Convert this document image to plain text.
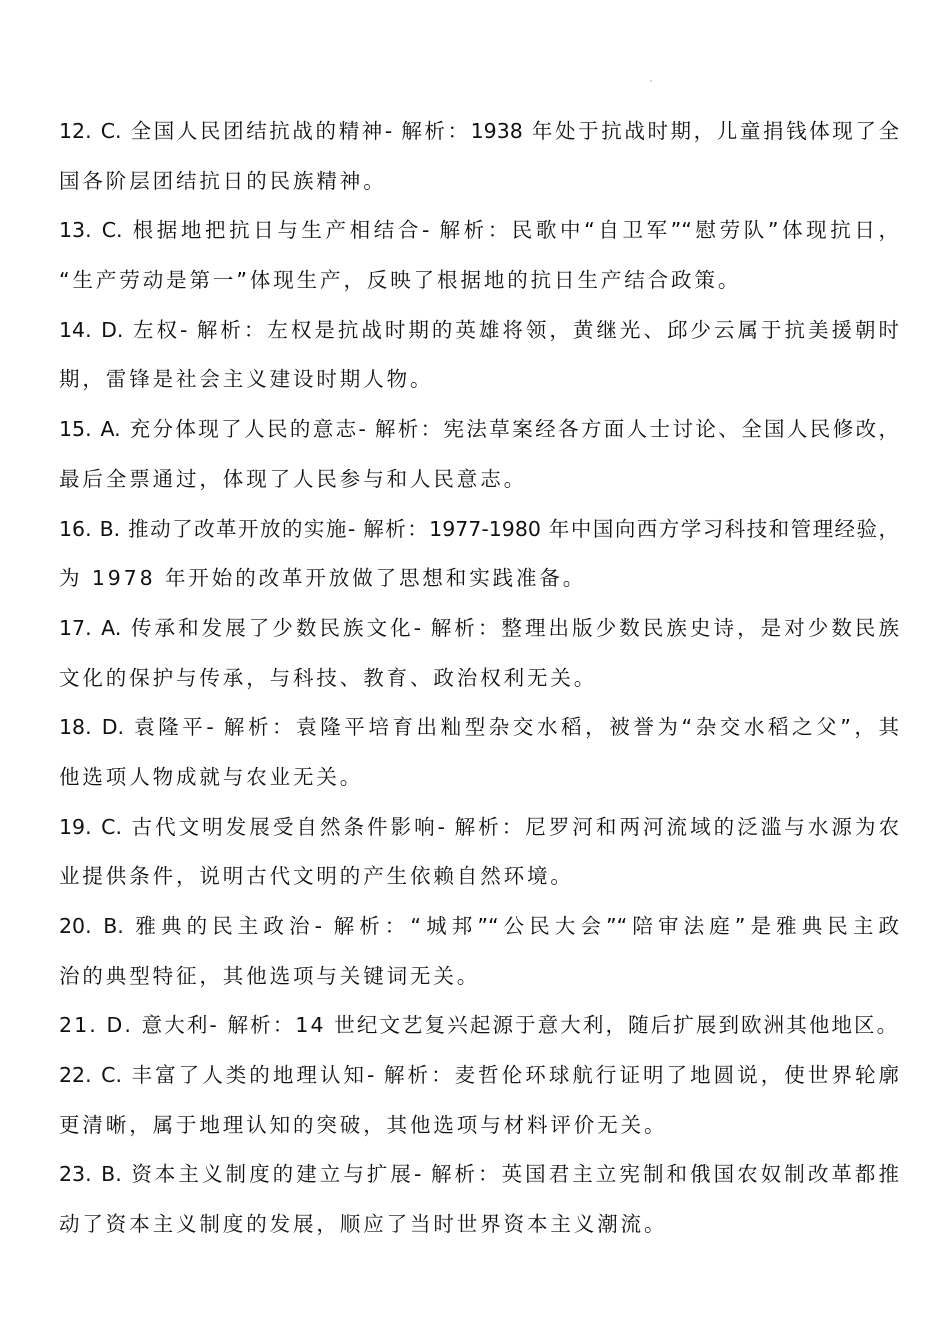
12. C. 全国人民团结抗战的精神- 解析：1938 年处于抗战时期，儿童捐钱体现了全
国各阶层团结抗日的民族精神。
13. C. 根据地把抗日与生产相结合- 解析：民歌中“自卫军”“慰劳队”体现抗日，
“生产劳动是第一”体现生产，反映了根据地的抗日生产结合政策。
14. D. 左权- 解析：左权是抗战时期的英雄将领，黄继光、邱少云属于抗美援朝时
期，雷锋是社会主义建设时期人物。
15. A. 充分体现了人民的意志- 解析：宪法草案经各方面人士讨论、全国人民修改，
最后全票通过，体现了人民参与和人民意志。
16. B. 推动了改革开放的实施- 解析：1977-1980 年中国向西方学习科技和管理经验，
为 1978 年开始的改革开放做了思想和实践准备。
17. A. 传承和发展了少数民族文化- 解析：整理出版少数民族史诗，是对少数民族
文化的保护与传承，与科技、教育、政治权利无关。
18. D. 袁隆平- 解析：袁隆平培育出籼型杂交水稻，被誉为“杂交水稻之父”，其
他选项人物成就与农业无关。
19. C. 古代文明发展受自然条件影响- 解析：尼罗河和两河流域的泛滥与水源为农
业提供条件，说明古代文明的产生依赖自然环境。
20. B. 雅典的民主政治- 解析：“城邦”“公民大会”“陪审法庭”是雅典民主政
治的典型特征，其他选项与关键词无关。
21. D. 意大利- 解析：14 世纪文艺复兴起源于意大利，随后扩展到欧洲其他地区。
22. C. 丰富了人类的地理认知- 解析：麦哲伦环球航行证明了地圆说，使世界轮廓
更清晰，属于地理认知的突破，其他选项与材料评价无关。
23. B. 资本主义制度的建立与扩展- 解析：英国君主立宪制和俄国农奴制改革都推
动了资本主义制度的发展，顺应了当时世界资本主义潮流。
